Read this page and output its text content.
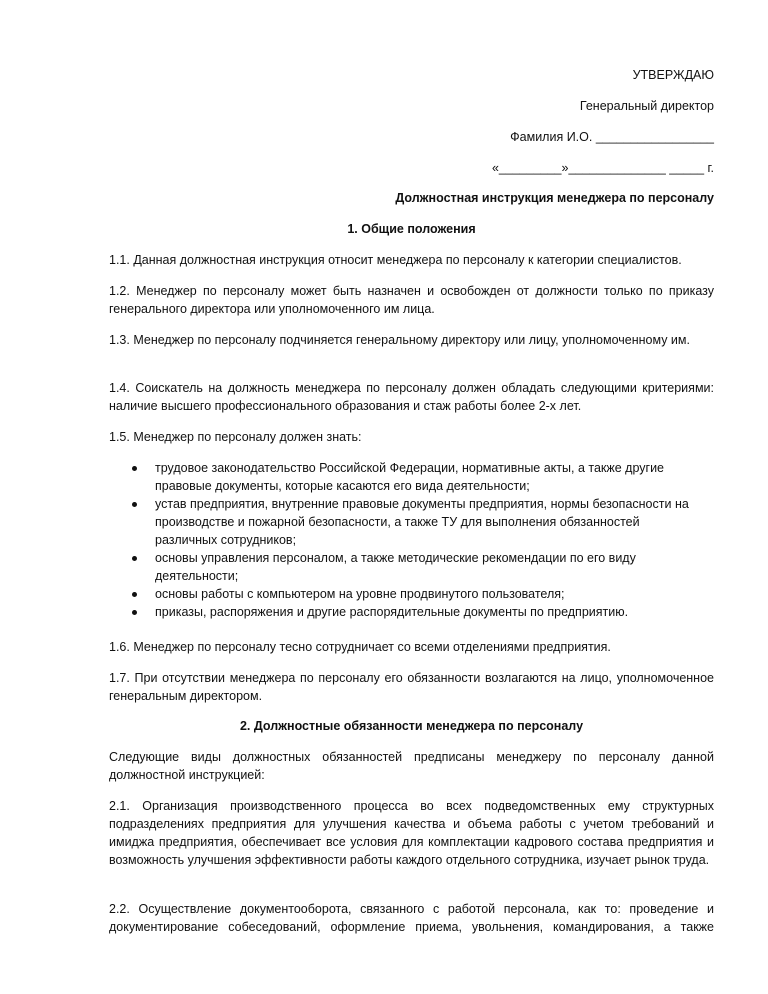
УТВЕРЖДАЮ

Генеральный директор

Фамилия И.О. _________________

«_________»______________ _____ г.

Должностная инструкция менеджера по персоналу

1. Общие положения

1.1. Данная должностная инструкция относит менеджера по персоналу к категории специалистов.

1.2. Менеджер по персоналу может быть назначен и освобожден от должности только по приказу генерального директора или уполномоченного им лица.

1.3. Менеджер по персоналу подчиняется генеральному директору или лицу, уполномоченному им.

1.4. Соискатель на должность менеджера по персоналу должен обладать следующими критериями: наличие высшего профессионального образования и стаж работы более 2-х лет.

1.5. Менеджер по персоналу должен знать:

трудовое законодательство Российской Федерации, нормативные акты, а также другие правовые документы, которые касаются его вида деятельности;
устав предприятия, внутренние правовые документы предприятия, нормы безопасности на производстве и пожарной безопасности, а также ТУ для выполнения обязанностей различных сотрудников;
основы управления персоналом, а также методические рекомендации по его виду деятельности;
основы работы с компьютером на уровне продвинутого пользователя;
приказы, распоряжения и другие распорядительные документы по предприятию.

1.6. Менеджер по персоналу тесно сотрудничает со всеми отделениями предприятия.

1.7. При отсутствии менеджера по персоналу его обязанности возлагаются на лицо, уполномоченное генеральным директором.

2. Должностные обязанности менеджера по персоналу

Следующие виды должностных обязанностей предписаны менеджеру по персоналу данной должностной инструкцией:

2.1. Организация производственного процесса во всех подведомственных ему структурных подразделениях предприятия для улучшения качества и объема работы с учетом требований и имиджа предприятия, обеспечивает все условия для комплектации кадрового состава предприятия и возможность улучшения эффективности работы каждого отдельного сотрудника, изучает рынок труда.

2.2. Осуществление документооборота, связанного с работой персонала, как то: проведение и документирование собеседований, оформление приема, увольнения, командирования, а также
